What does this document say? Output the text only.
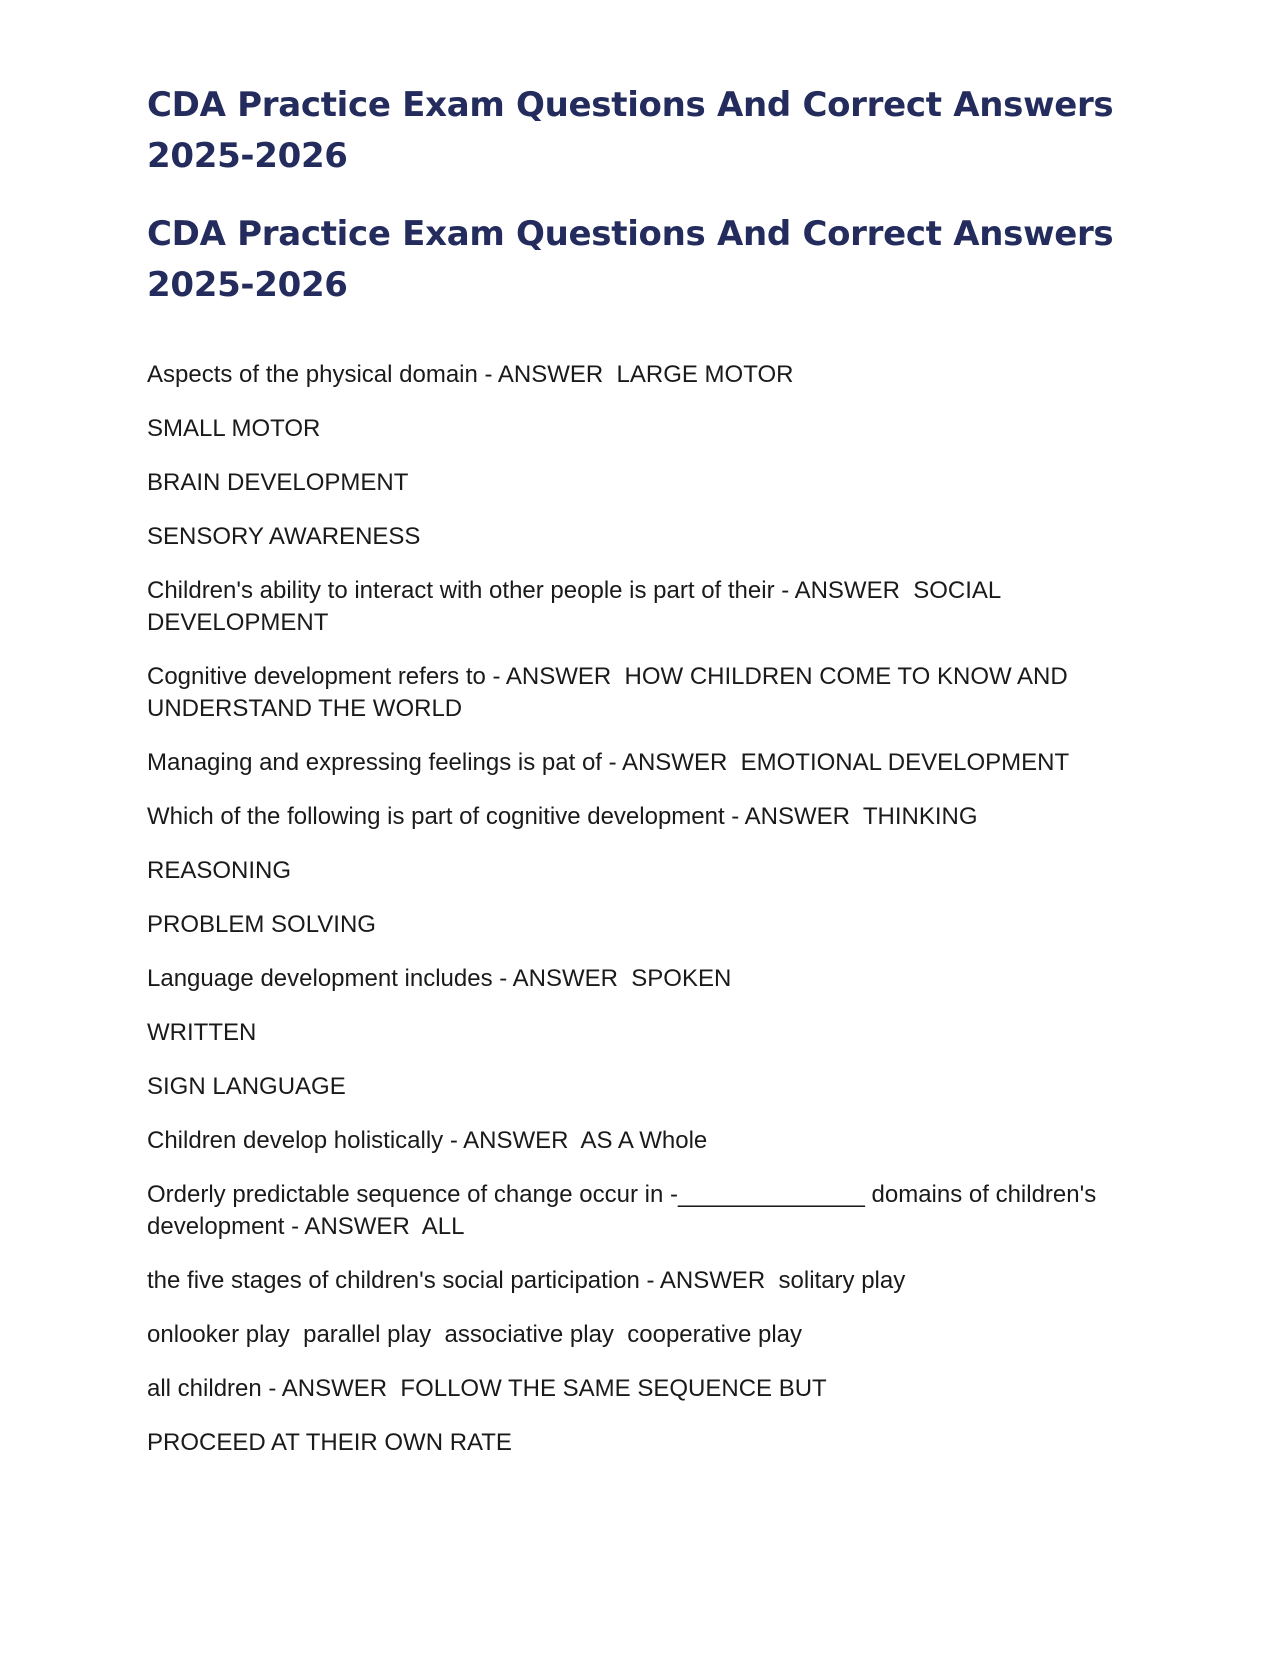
CDA Practice Exam Questions And Correct Answers 2025-2026
CDA Practice Exam Questions And Correct Answers 2025-2026

Aspects of the physical domain - ANSWER  LARGE MOTOR

SMALL MOTOR

BRAIN DEVELOPMENT

SENSORY AWARENESS

Children's ability to interact with other people is part of their - ANSWER  SOCIAL DEVELOPMENT

Cognitive development refers to - ANSWER  HOW CHILDREN COME TO KNOW AND UNDERSTAND THE WORLD

Managing and expressing feelings is pat of - ANSWER  EMOTIONAL DEVELOPMENT

Which of the following is part of cognitive development - ANSWER  THINKING

REASONING

PROBLEM SOLVING

Language development includes - ANSWER  SPOKEN

WRITTEN

SIGN LANGUAGE

Children develop holistically - ANSWER  AS A Whole

Orderly predictable sequence of change occur in -______________ domains of children's development - ANSWER  ALL

the five stages of children's social participation - ANSWER  solitary play

onlooker play  parallel play  associative play  cooperative play

all children - ANSWER  FOLLOW THE SAME SEQUENCE BUT

PROCEED AT THEIR OWN RATE
